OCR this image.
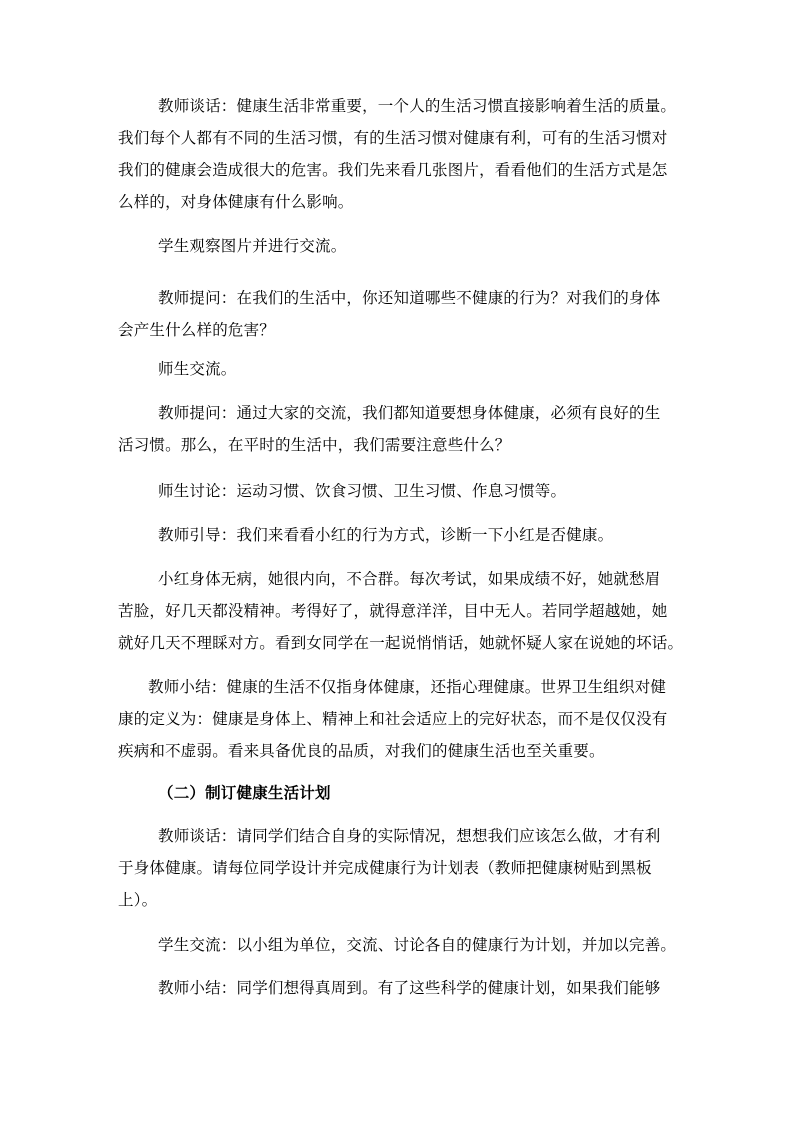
教师谈话：健康生活非常重要，一个人的生活习惯直接影响着生活的质量。
我们每个人都有不同的生活习惯，有的生活习惯对健康有利，可有的生活习惯对
我们的健康会造成很大的危害。我们先来看几张图片，看看他们的生活方式是怎
么样的，对身体健康有什么影响。
学生观察图片并进行交流。
教师提问：在我们的生活中，你还知道哪些不健康的行为？对我们的身体
会产生什么样的危害？
师生交流。
教师提问：通过大家的交流，我们都知道要想身体健康，必须有良好的生
活习惯。那么，在平时的生活中，我们需要注意些什么？
师生讨论：运动习惯、饮食习惯、卫生习惯、作息习惯等。
教师引导：我们来看看小红的行为方式，诊断一下小红是否健康。
小红身体无病，她很内向，不合群。每次考试，如果成绩不好，她就愁眉
苦脸，好几天都没精神。考得好了，就得意洋洋，目中无人。若同学超越她，她
就好几天不理睬对方。看到女同学在一起说悄悄话，她就怀疑人家在说她的坏话。
教师小结：健康的生活不仅指身体健康，还指心理健康。世界卫生组织对健
康的定义为：健康是身体上、精神上和社会适应上的完好状态，而不是仅仅没有
疾病和不虚弱。看来具备优良的品质，对我们的健康生活也至关重要。
（二）制订健康生活计划
教师谈话：请同学们结合自身的实际情况，想想我们应该怎么做，才有利
于身体健康。请每位同学设计并完成健康行为计划表（教师把健康树贴到黑板
上）。
学生交流：以小组为单位，交流、讨论各自的健康行为计划，并加以完善。
教师小结：同学们想得真周到。有了这些科学的健康计划，如果我们能够
